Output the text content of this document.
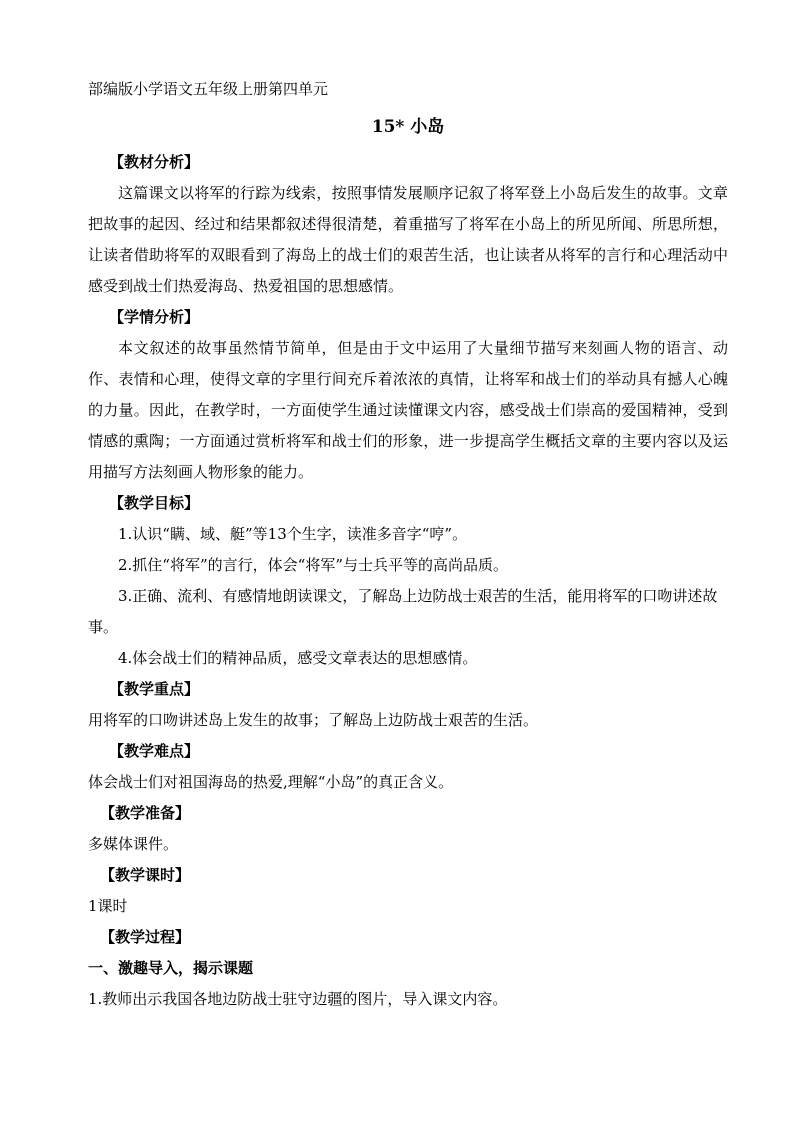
部编版小学语文五年级上册第四单元
15* 小岛
【教材分析】

这篇课文以将军的行踪为线索，按照事情发展顺序记叙了将军登上小岛后发生的故事。文章把故事的起因、经过和结果都叙述得很清楚，着重描写了将军在小岛上的所见所闻、所思所想，让读者借助将军的双眼看到了海岛上的战士们的艰苦生活，也让读者从将军的言行和心理活动中感受到战士们热爱海岛、热爱祖国的思想感情。

【学情分析】

本文叙述的故事虽然情节简单，但是由于文中运用了大量细节描写来刻画人物的语言、动作、表情和心理，使得文章的字里行间充斥着浓浓的真情，让将军和战士们的举动具有撼人心魄的力量。因此，在教学时，一方面使学生通过读懂课文内容，感受战士们崇高的爱国精神，受到情感的熏陶；一方面通过赏析将军和战士们的形象，进一步提高学生概括文章的主要内容以及运用描写方法刻画人物形象的能力。

【教学目标】

1.认识“瞒、域、艇”等13个生字，读准多音字“哼”。

2.抓住“将军”的言行，体会“将军”与士兵平等的高尚品质。

3.正确、流利、有感情地朗读课文，了解岛上边防战士艰苦的生活，能用将军的口吻讲述故事。

4.体会战士们的精神品质，感受文章表达的思想感情。

【教学重点】

用将军的口吻讲述岛上发生的故事；了解岛上边防战士艰苦的生活。

【教学难点】

体会战士们对祖国海岛的热爱,理解“小岛”的真正含义。

【教学准备】

多媒体课件。

【教学课时】

1课时

【教学过程】

一、激趣导入，揭示课题

1.教师出示我国各地边防战士驻守边疆的图片，导入课文内容。
